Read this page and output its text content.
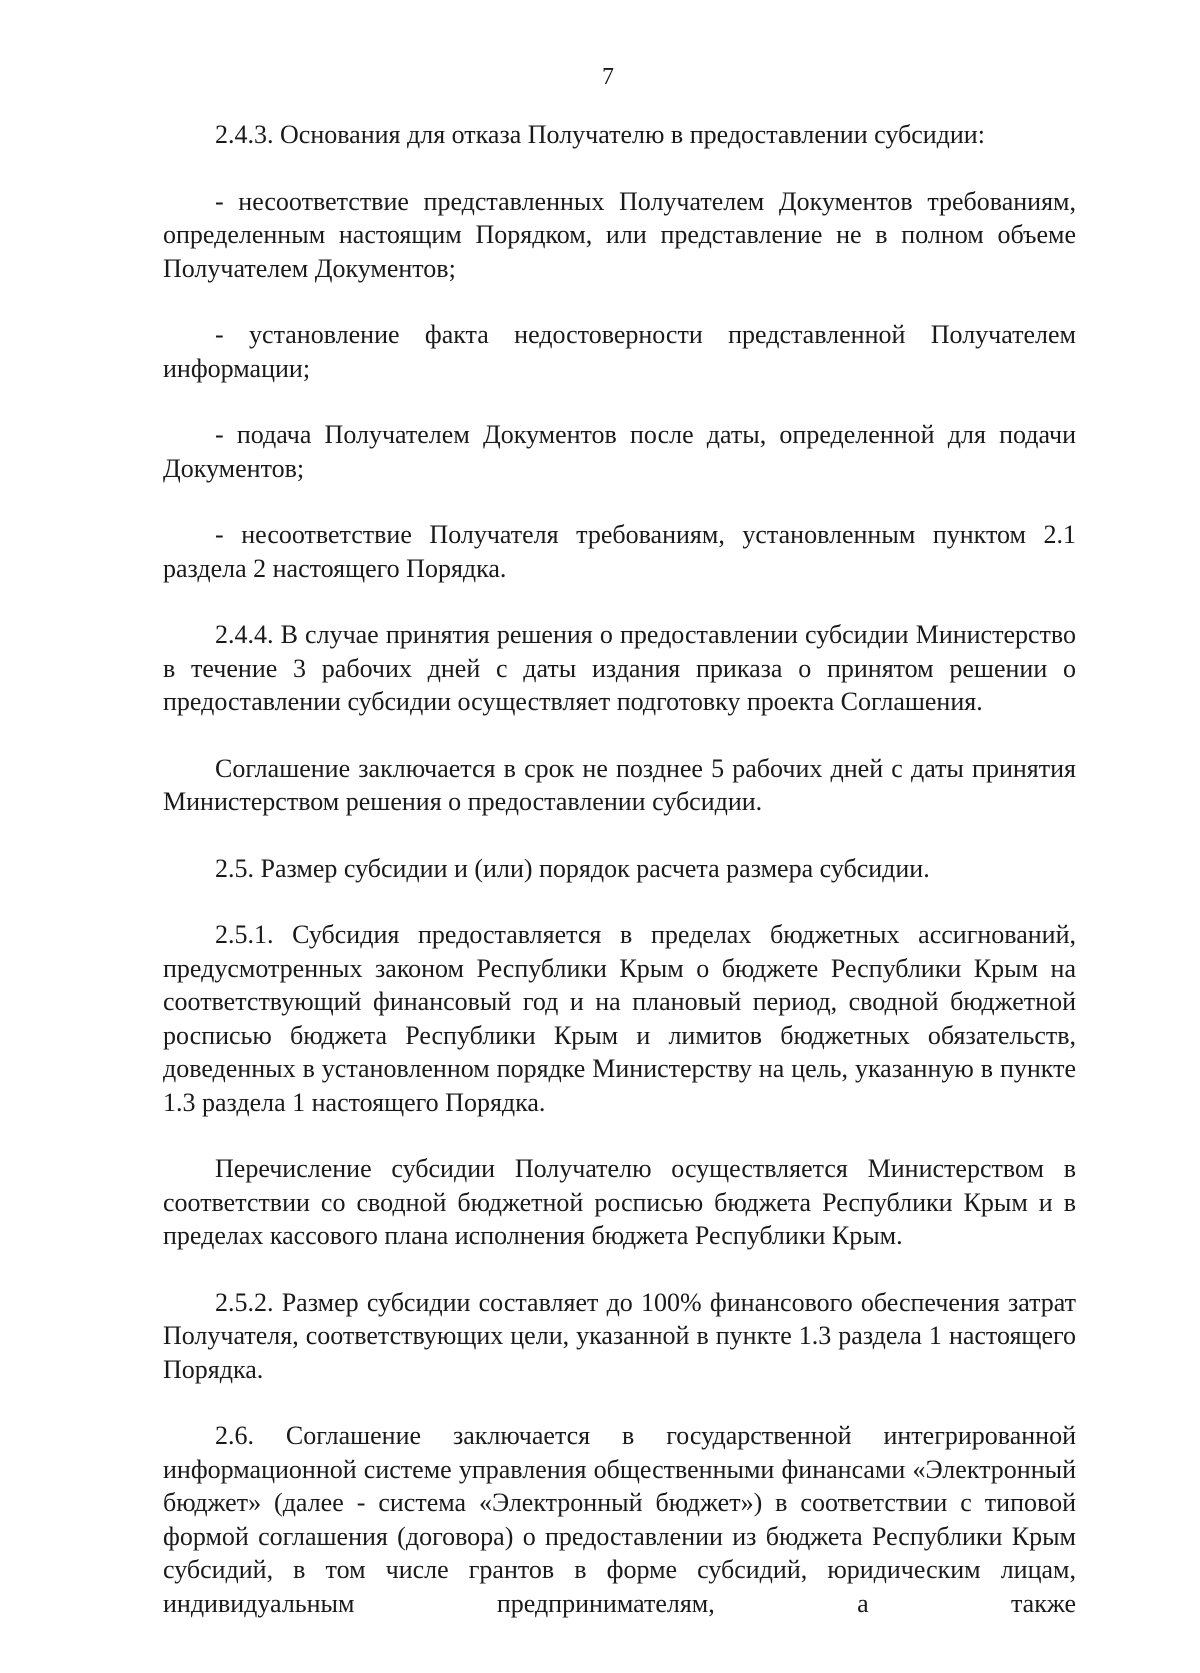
7

2.4.3. Основания для отказа Получателю в предоставлении субсидии:

- несоответствие представленных Получателем Документов требованиям, определенным настоящим Порядком, или представление не в полном объеме Получателем Документов;

- установление факта недостоверности представленной Получателем информации;

- подача Получателем Документов после даты, определенной для подачи Документов;

- несоответствие Получателя требованиям, установленным пунктом 2.1 раздела 2 настоящего Порядка.

2.4.4. В случае принятия решения о предоставлении субсидии Министерство в течение 3 рабочих дней с даты издания приказа о принятом решении о предоставлении субсидии осуществляет подготовку проекта Соглашения.

Соглашение заключается в срок не позднее 5 рабочих дней с даты принятия Министерством решения о предоставлении субсидии.

2.5. Размер субсидии и (или) порядок расчета размера субсидии.

2.5.1. Субсидия предоставляется в пределах бюджетных ассигнований, предусмотренных законом Республики Крым о бюджете Республики Крым на соответствующий финансовый год и на плановый период, сводной бюджетной росписью бюджета Республики Крым и лимитов бюджетных обязательств, доведенных в установленном порядке Министерству на цель, указанную в пункте 1.3 раздела 1 настоящего Порядка.

Перечисление субсидии Получателю осуществляется Министерством в соответствии со сводной бюджетной росписью бюджета Республики Крым и в пределах кассового плана исполнения бюджета Республики Крым.

2.5.2. Размер субсидии составляет до 100% финансового обеспечения затрат Получателя, соответствующих цели, указанной в пункте 1.3 раздела 1 настоящего Порядка.

2.6. Соглашение заключается в государственной интегрированной информационной системе управления общественными финансами «Электронный бюджет» (далее - система «Электронный бюджет») в соответствии с типовой формой соглашения (договора) о предоставлении из бюджета Республики Крым субсидий, в том числе грантов в форме субсидий, юридическим лицам, индивидуальным предпринимателям, а также
